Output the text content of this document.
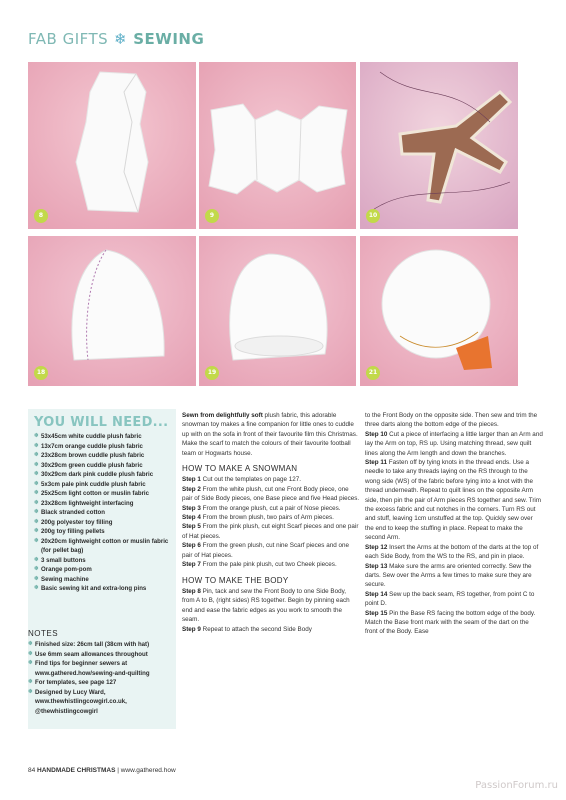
FAB GIFTS ❄ SEWING
8	9	10
18	19	21
YOU WILL NEED...
❄ 53x45cm white cuddle plush fabric
❄ 13x7cm orange cuddle plush fabric
❄ 23x28cm brown cuddle plush fabric
❄ 30x29cm green cuddle plush fabric
❄ 30x29cm dark pink cuddle plush fabric
❄ 5x3cm pale pink cuddle plush fabric
❄ 25x25cm light cotton or muslin fabric
❄ 23x28cm lightweight interfacing
❄ Black stranded cotton
❄ 200g polyester toy filling
❄ 200g toy filling pellets
❄ 20x20cm lightweight cotton or muslin fabric (for pellet bag)
❄ 3 small buttons
❄ Orange pom-pom
❄ Sewing machine
❄ Basic sewing kit and extra-long pins
NOTES
❄ Finished size: 26cm tall (38cm with hat)
❄ Use 6mm seam allowances throughout
❄ Find tips for beginner sewers at www.gathered.how/sewing-and-quilting
❄ For templates, see page 127
❄ Designed by Lucy Ward, www.thewhistlingcowgirl.co.uk, @thewhistlingcowgirl

Sewn from delightfully soft plush fabric, this adorable snowman toy makes a fine companion for little ones to cuddle up with on the sofa in front of their favourite film this Christmas. Make the scarf to match the colours of their favourite football team or Hogwarts house.

HOW TO MAKE A SNOWMAN

Step 1 Cut out the templates on page 127.

Step 2 From the white plush, cut one Front Body piece, one pair of Side Body pieces, one Base piece and five Head pieces.

Step 3 From the orange plush, cut a pair of Nose pieces.

Step 4 From the brown plush, two pairs of Arm pieces.

Step 5 From the pink plush, cut eight Scarf pieces and one pair of Hat pieces.

Step 6 From the green plush, cut nine Scarf pieces and one pair of Hat pieces.

Step 7 From the pale pink plush, cut two Cheek pieces.

HOW TO MAKE THE BODY

Step 8 Pin, tack and sew the Front Body to one Side Body, from A to B, (right sides) RS together. Begin by pinning each end and ease the fabric edges as you work to smooth the seam.

Step 9 Repeat to attach the second Side Body

to the Front Body on the opposite side. Then sew and trim the three darts along the bottom edge of the pieces.

Step 10 Cut a piece of interfacing a little larger than an Arm and lay the Arm on top, RS up. Using matching thread, sew quilt lines along the Arm length and down the branches.

Step 11 Fasten off by tying knots in the thread ends. Use a needle to take any threads laying on the RS through to the wong side (WS) of the fabric before tying into a knot with the thread underneath. Repeat to quilt lines on the opposite Arm side, then pin the pair of Arm pieces RS together and sew. Trim the excess fabric and cut notches in the corners. Turn RS out and stuff, leaving 1cm unstuffed at the top. Quickly sew over the end to keep the stuffing in place. Repeat to make the second Arm.

Step 12 Insert the Arms at the bottom of the darts at the top of each Side Body, from the WS to the RS, and pin in place.

Step 13 Make sure the arms are oriented correctly. Sew the darts. Sew over the Arms a few times to make sure they are secure.

Step 14 Sew up the back seam, RS together, from point C to point D.

Step 15 Pin the Base RS facing the bottom edge of the body. Match the Base front mark with the seam of the dart on the front of the Body. Ease

84 HANDMADE CHRISTMAS | www.gathered.how
PassionForum.ru
